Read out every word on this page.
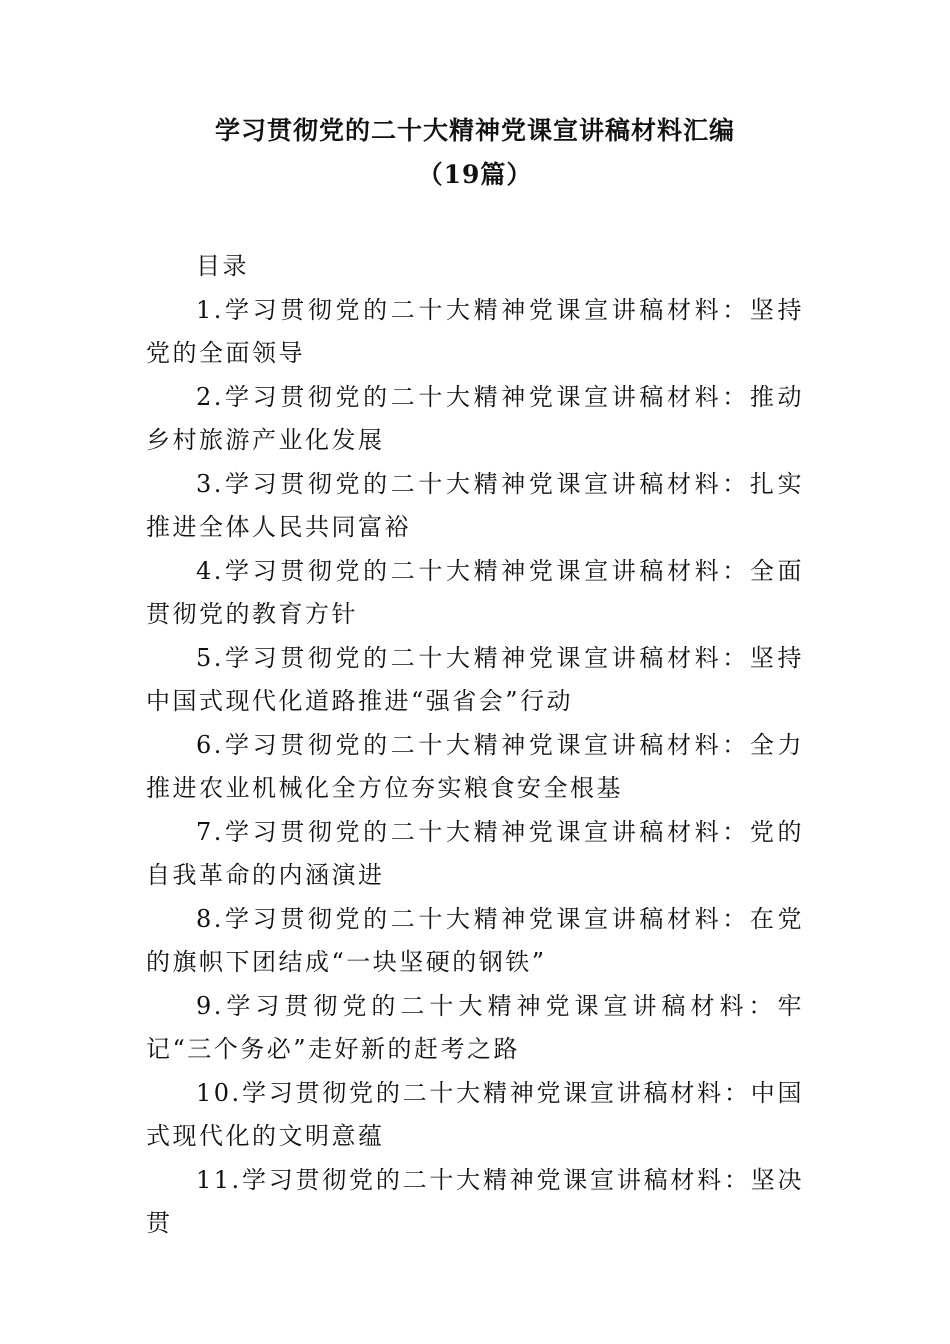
学习贯彻党的二十大精神党课宣讲稿材料汇编
（19篇）

目录

1.学习贯彻党的二十大精神党课宣讲稿材料：坚持党的全面领导

2.学习贯彻党的二十大精神党课宣讲稿材料：推动乡村旅游产业化发展

3.学习贯彻党的二十大精神党课宣讲稿材料：扎实推进全体人民共同富裕

4.学习贯彻党的二十大精神党课宣讲稿材料：全面贯彻党的教育方针

5.学习贯彻党的二十大精神党课宣讲稿材料：坚持中国式现代化道路推进“强省会”行动

6.学习贯彻党的二十大精神党课宣讲稿材料：全力推进农业机械化全方位夯实粮食安全根基

7.学习贯彻党的二十大精神党课宣讲稿材料：党的自我革命的内涵演进

8.学习贯彻党的二十大精神党课宣讲稿材料：在党的旗帜下团结成“一块坚硬的钢铁”

9.学习贯彻党的二十大精神党课宣讲稿材料：牢记“三个务必”走好新的赶考之路

10.学习贯彻党的二十大精神党课宣讲稿材料：中国式现代化的文明意蕴

11.学习贯彻党的二十大精神党课宣讲稿材料：坚决贯
